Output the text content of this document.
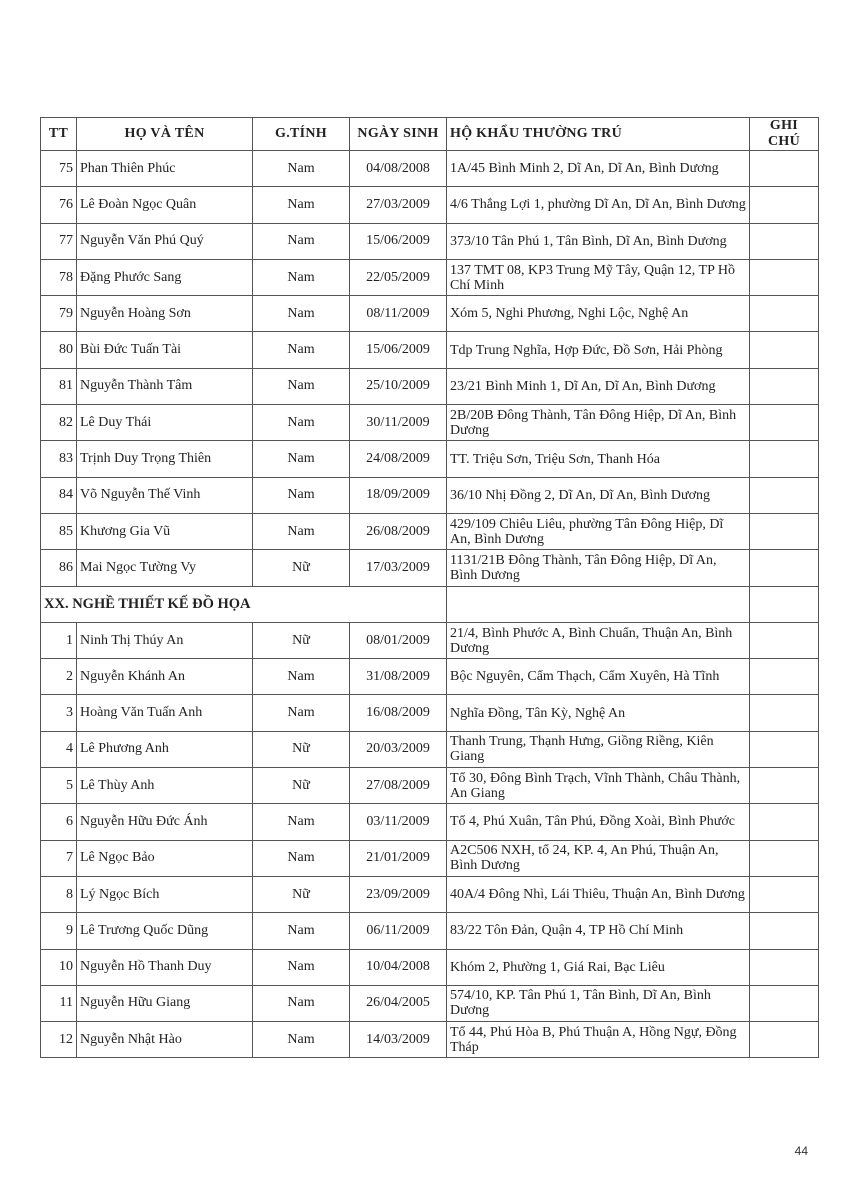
TT	HỌ VÀ TÊN	G.TÍNH	NGÀY SINH	HỘ KHẨU THƯỜNG TRÚ	GHI CHÚ
75	Phan Thiên Phúc	Nam	04/08/2008	1A/45 Bình Minh 2, Dĩ An, Dĩ An, Bình Dương	
76	Lê Đoàn Ngọc Quân	Nam	27/03/2009	4/6 Thắng Lợi 1, phường Dĩ An, Dĩ An, Bình Dương	
77	Nguyễn Văn Phú Quý	Nam	15/06/2009	373/10 Tân Phú 1, Tân Bình, Dĩ An, Bình Dương	
78	Đặng Phước Sang	Nam	22/05/2009	137 TMT 08, KP3 Trung Mỹ Tây, Quận 12, TP Hồ Chí Minh	
79	Nguyễn Hoàng Sơn	Nam	08/11/2009	Xóm 5, Nghi Phương, Nghi Lộc, Nghệ An	
80	Bùi Đức Tuấn Tài	Nam	15/06/2009	Tdp Trung Nghĩa, Hợp Đức, Đồ Sơn, Hải Phòng	
81	Nguyễn Thành Tâm	Nam	25/10/2009	23/21 Bình Minh 1, Dĩ An, Dĩ An, Bình Dương	
82	Lê Duy Thái	Nam	30/11/2009	2B/20B Đông Thành, Tân Đông Hiệp, Dĩ An, Bình Dương	
83	Trịnh Duy Trọng Thiên	Nam	24/08/2009	TT. Triệu Sơn, Triệu Sơn, Thanh Hóa	
84	Võ Nguyễn Thế Vinh	Nam	18/09/2009	36/10 Nhị Đồng 2, Dĩ An, Dĩ An, Bình Dương	
85	Khương Gia Vũ	Nam	26/08/2009	429/109 Chiêu Liêu, phường Tân Đông Hiệp, Dĩ An, Bình Dương	
86	Mai Ngọc Tường Vy	Nữ	17/03/2009	1131/21B Đông Thành, Tân Đông Hiệp, Dĩ An, Bình Dương	
XX. NGHỀ THIẾT KẾ ĐỒ HỌA					
1	Ninh Thị Thúy An	Nữ	08/01/2009	21/4, Bình Phước A, Bình Chuẩn, Thuận An, Bình Dương	
2	Nguyễn Khánh An	Nam	31/08/2009	Bộc Nguyên, Cẩm Thạch, Cẩm Xuyên, Hà Tĩnh	
3	Hoàng Văn Tuấn Anh	Nam	16/08/2009	Nghĩa Đồng, Tân Kỳ, Nghệ An	
4	Lê Phương Anh	Nữ	20/03/2009	Thanh Trung, Thạnh Hưng, Giồng Riềng, Kiên Giang	
5	Lê Thùy Anh	Nữ	27/08/2009	Tổ 30, Đông Bình Trạch, Vĩnh Thành, Châu Thành, An Giang	
6	Nguyễn Hữu Đức Ánh	Nam	03/11/2009	Tổ 4, Phú Xuân, Tân Phú, Đồng Xoài, Bình Phước	
7	Lê Ngọc Bảo	Nam	21/01/2009	A2C506 NXH, tổ 24, KP. 4, An Phú, Thuận An, Bình Dương	
8	Lý Ngọc Bích	Nữ	23/09/2009	40A/4 Đông Nhì, Lái Thiêu, Thuận An, Bình Dương	
9	Lê Trương Quốc Dũng	Nam	06/11/2009	83/22 Tôn Đản, Quận 4, TP Hồ Chí Minh	
10	Nguyễn Hồ Thanh Duy	Nam	10/04/2008	Khóm 2, Phường 1, Giá Rai, Bạc Liêu	
11	Nguyễn Hữu Giang	Nam	26/04/2005	574/10, KP. Tân Phú 1, Tân Bình, Dĩ An, Bình Dương	
12	Nguyễn Nhật Hào	Nam	14/03/2009	Tổ 44, Phú Hòa B, Phú Thuận A, Hồng Ngự, Đồng Tháp	
44
